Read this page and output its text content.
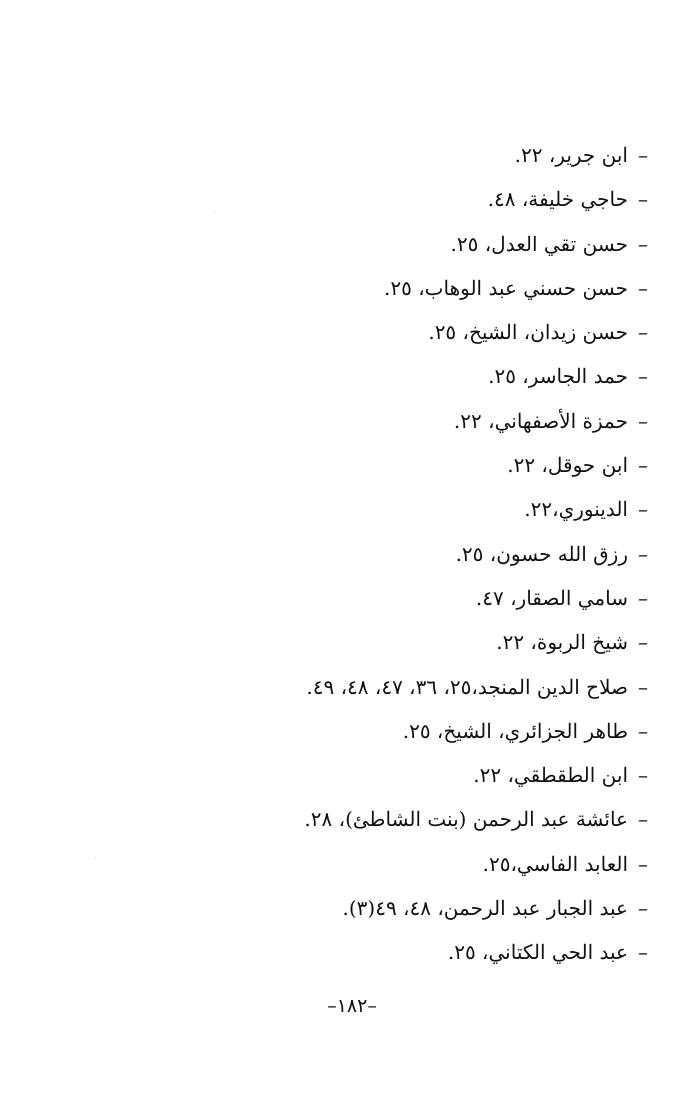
–ابن جرير، ٢٢.
–حاجي خليفة، ٤٨.
–حسن تقي العدل، ٢٥.
–حسن حسني عبد الوهاب، ٢٥.
–حسن زيدان، الشيخ، ٢٥.
–حمد الجاسر، ٢٥.
–حمزة الأصفهاني، ٢٢.
–ابن حوقل، ٢٢.
–الدينوري،٢٢.
–رزق الله حسون، ٢٥.
–سامي الصقار، ٤٧.
–شيخ الربوة، ٢٢.
–صلاح الدين المنجد،٢٥، ٣٦، ٤٧، ٤٨، ٤٩.
–طاهر الجزائري، الشيخ، ٢٥.
–ابن الطقطقي، ٢٢.
–عائشة عبد الرحمن (بنت الشاطئ)، ٢٨.
–العابد الفاسي،٢٥.
–عبد الجبار عبد الرحمن، ٤٨، ٤٩(٣).
–عبد الحي الكتاني، ٢٥.
–١٨٢–
